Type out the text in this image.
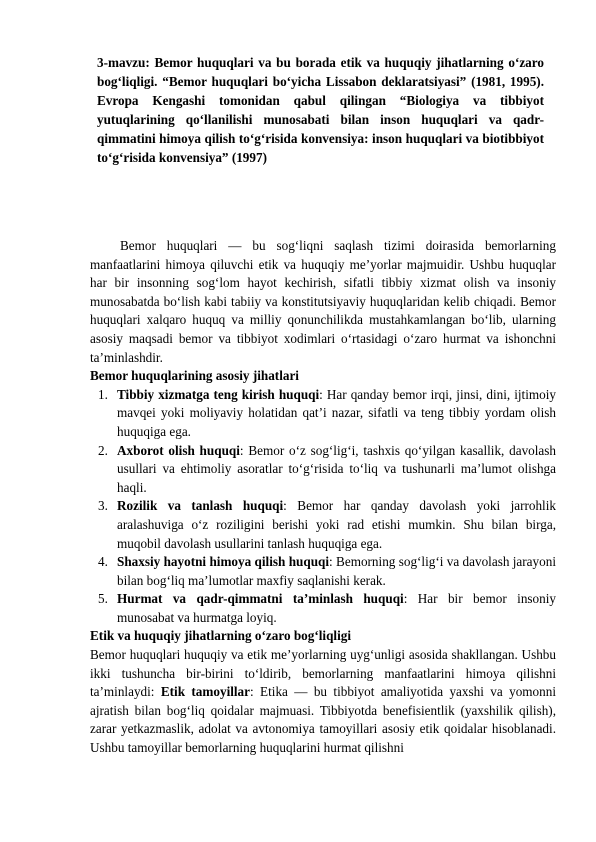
3-mavzu: Bemor huquqlari va bu borada etik va huquqiy jihatlarning o‘zaro bog‘liqligi. “Bemor huquqlari bo‘yicha Lissabon deklaratsiyasi” (1981, 1995). Evropa Kengashi tomonidan qabul qilingan “Biologiya va tibbiyot yutuqlarining qo‘llanilishi munosabati bilan inson huquqlari va qadr-qimmatini himoya qilish to‘g‘risida konvensiya: inson huquqlari va biotibbiyot to‘g‘risida konvensiya” (1997)

Bemor huquqlari — bu sog‘liqni saqlash tizimi doirasida bemorlarning manfaatlarini himoya qiluvchi etik va huquqiy me’yorlar majmuidir. Ushbu huquqlar har bir insonning sog‘lom hayot kechirish, sifatli tibbiy xizmat olish va insoniy munosabatda bo‘lish kabi tabiiy va konstitutsiyaviy huquqlaridan kelib chiqadi. Bemor huquqlari xalqaro huquq va milliy qonunchilikda mustahkamlangan bo‘lib, ularning asosiy maqsadi bemor va tibbiyot xodimlari o‘rtasidagi o‘zaro hurmat va ishonchni ta’minlashdir.

Bemor huquqlarining asosiy jihatlari
1. Tibbiy xizmatga teng kirish huquqi: Har qanday bemor irqi, jinsi, dini, ijtimoiy mavqei yoki moliyaviy holatidan qat’i nazar, sifatli va teng tibbiy yordam olish huquqiga ega.
2. Axborot olish huquqi: Bemor o‘z sog‘lig‘i, tashxis qo‘yilgan kasallik, davolash usullari va ehtimoliy asoratlar to‘g‘risida to‘liq va tushunarli ma’lumot olishga haqli.
3. Rozilik va tanlash huquqi: Bemor har qanday davolash yoki jarrohlik aralashuviga o‘z roziligini berishi yoki rad etishi mumkin. Shu bilan birga, muqobil davolash usullarini tanlash huquqiga ega.
4. Shaxsiy hayotni himoya qilish huquqi: Bemorning sog‘lig‘i va davolash jarayoni bilan bog‘liq ma’lumotlar maxfiy saqlanishi kerak.
5. Hurmat va qadr-qimmatni ta’minlash huquqi: Har bir bemor insoniy munosabat va hurmatga loyiq.
Etik va huquqiy jihatlarning o‘zaro bog‘liqligi

Bemor huquqlari huquqiy va etik me’yorlarning uyg‘unligi asosida shakllangan. Ushbu ikki tushuncha bir-birini to‘ldirib, bemorlarning manfaatlarini himoya qilishni ta’minlaydi: Etik tamoyillar: Etika — bu tibbiyot amaliyotida yaxshi va yomonni ajratish bilan bog‘liq qoidalar majmuasi. Tibbiyotda benefisientlik (yaxshilik qilish), zarar yetkazmaslik, adolat va avtonomiya tamoyillari asosiy etik qoidalar hisoblanadi. Ushbu tamoyillar bemorlarning huquqlarini hurmat qilishni
